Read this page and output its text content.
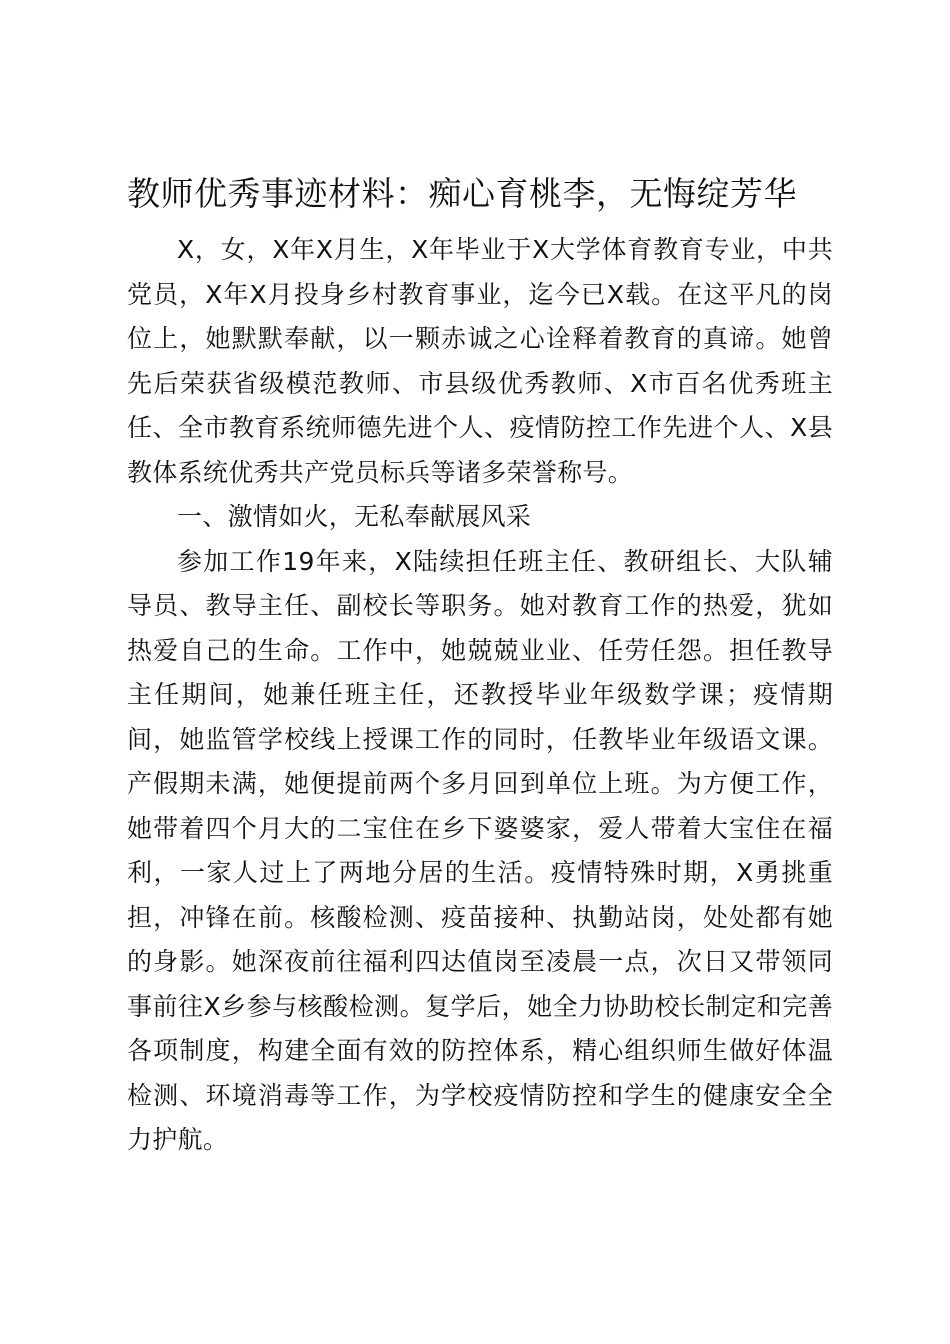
教师优秀事迹材料：痴心育桃李，无悔绽芳华

X，女，X年X月生，X年毕业于X大学体育教育专业，中共党员，X年X月投身乡村教育事业，迄今已X载。在这平凡的岗位上，她默默奉献，以一颗赤诚之心诠释着教育的真谛。她曾先后荣获省级模范教师、市县级优秀教师、X市百名优秀班主任、全市教育系统师德先进个人、疫情防控工作先进个人、X县教体系统优秀共产党员标兵等诸多荣誉称号。

一、激情如火，无私奉献展风采

参加工作19年来，X陆续担任班主任、教研组长、大队辅导员、教导主任、副校长等职务。她对教育工作的热爱，犹如热爱自己的生命。工作中，她兢兢业业、任劳任怨。担任教导主任期间，她兼任班主任，还教授毕业年级数学课；疫情期间，她监管学校线上授课工作的同时，任教毕业年级语文课。产假期未满，她便提前两个多月回到单位上班。为方便工作，她带着四个月大的二宝住在乡下婆婆家，爱人带着大宝住在福利，一家人过上了两地分居的生活。疫情特殊时期，X勇挑重担，冲锋在前。核酸检测、疫苗接种、执勤站岗，处处都有她的身影。她深夜前往福利四达值岗至凌晨一点，次日又带领同事前往X乡参与核酸检测。复学后，她全力协助校长制定和完善各项制度，构建全面有效的防控体系，精心组织师生做好体温检测、环境消毒等工作，为学校疫情防控和学生的健康安全全力护航。
